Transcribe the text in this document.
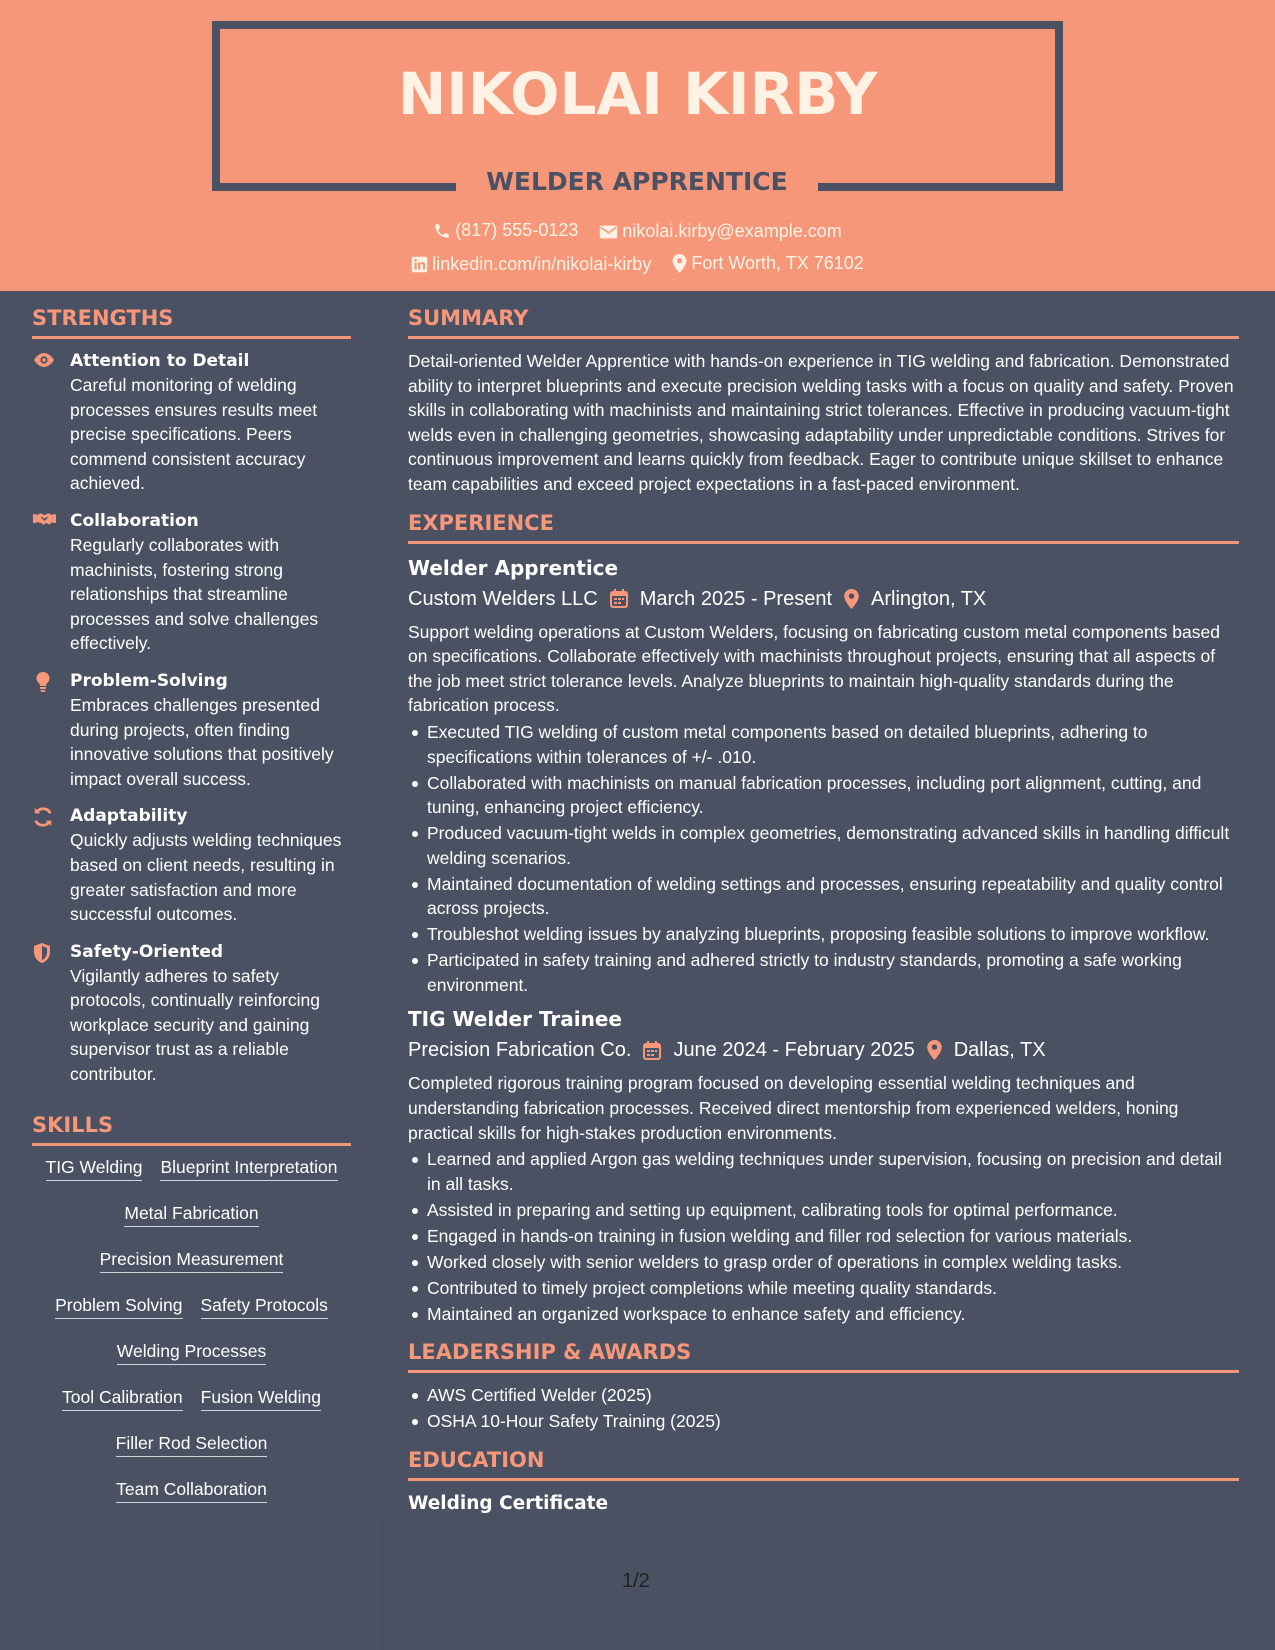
NIKOLAI KIRBY
WELDER APPRENTICE
(817) 555-0123
nikolai.kirby@example.com
linkedin.com/in/nikolai-kirby
Fort Worth, TX 76102
STRENGTHS
Attention to Detail
Careful monitoring of welding processes ensures results meet precise specifications. Peers commend consistent accuracy achieved.
Collaboration
Regularly collaborates with machinists, fostering strong relationships that streamline processes and solve challenges effectively.
Problem-Solving
Embraces challenges presented during projects, often finding innovative solutions that positively impact overall success.
Adaptability
Quickly adjusts welding techniques based on client needs, resulting in greater satisfaction and more successful outcomes.
Safety-Oriented
Vigilantly adheres to safety protocols, continually reinforcing workplace security and gaining supervisor trust as a reliable contributor.
SKILLS
TIG Welding Blueprint Interpretation
Metal Fabrication
Precision Measurement
Problem Solving Safety Protocols
Welding Processes
Tool Calibration Fusion Welding
Filler Rod Selection
Team Collaboration
SUMMARY
Detail-oriented Welder Apprentice with hands-on experience in TIG welding and fabrication. Demonstrated ability to interpret blueprints and execute precision welding tasks with a focus on quality and safety. Proven skills in collaborating with machinists and maintaining strict tolerances. Effective in producing vacuum-tight welds even in challenging geometries, showcasing adaptability under unpredictable conditions. Strives for continuous improvement and learns quickly from feedback. Eager to contribute unique skillset to enhance team capabilities and exceed project expectations in a fast-paced environment.
EXPERIENCE
Welder Apprentice
Custom Welders LLC March 2025 - Present Arlington, TX
Support welding operations at Custom Welders, focusing on fabricating custom metal components based on specifications. Collaborate effectively with machinists throughout projects, ensuring that all aspects of the job meet strict tolerance levels. Analyze blueprints to maintain high-quality standards during the fabrication process.
Executed TIG welding of custom metal components based on detailed blueprints, adhering to specifications within tolerances of +/- .010.
Collaborated with machinists on manual fabrication processes, including port alignment, cutting, and tuning, enhancing project efficiency.
Produced vacuum-tight welds in complex geometries, demonstrating advanced skills in handling difficult welding scenarios.
Maintained documentation of welding settings and processes, ensuring repeatability and quality control across projects.
Troubleshot welding issues by analyzing blueprints, proposing feasible solutions to improve workflow.
Participated in safety training and adhered strictly to industry standards, promoting a safe working environment.
TIG Welder Trainee
Precision Fabrication Co. June 2024 - February 2025 Dallas, TX
Completed rigorous training program focused on developing essential welding techniques and understanding fabrication processes. Received direct mentorship from experienced welders, honing practical skills for high-stakes production environments.
Learned and applied Argon gas welding techniques under supervision, focusing on precision and detail in all tasks.
Assisted in preparing and setting up equipment, calibrating tools for optimal performance.
Engaged in hands-on training in fusion welding and filler rod selection for various materials.
Worked closely with senior welders to grasp order of operations in complex welding tasks.
Contributed to timely project completions while meeting quality standards.
Maintained an organized workspace to enhance safety and efficiency.
LEADERSHIP & AWARDS
AWS Certified Welder (2025)
OSHA 10-Hour Safety Training (2025)
EDUCATION
Welding Certificate
1/2
